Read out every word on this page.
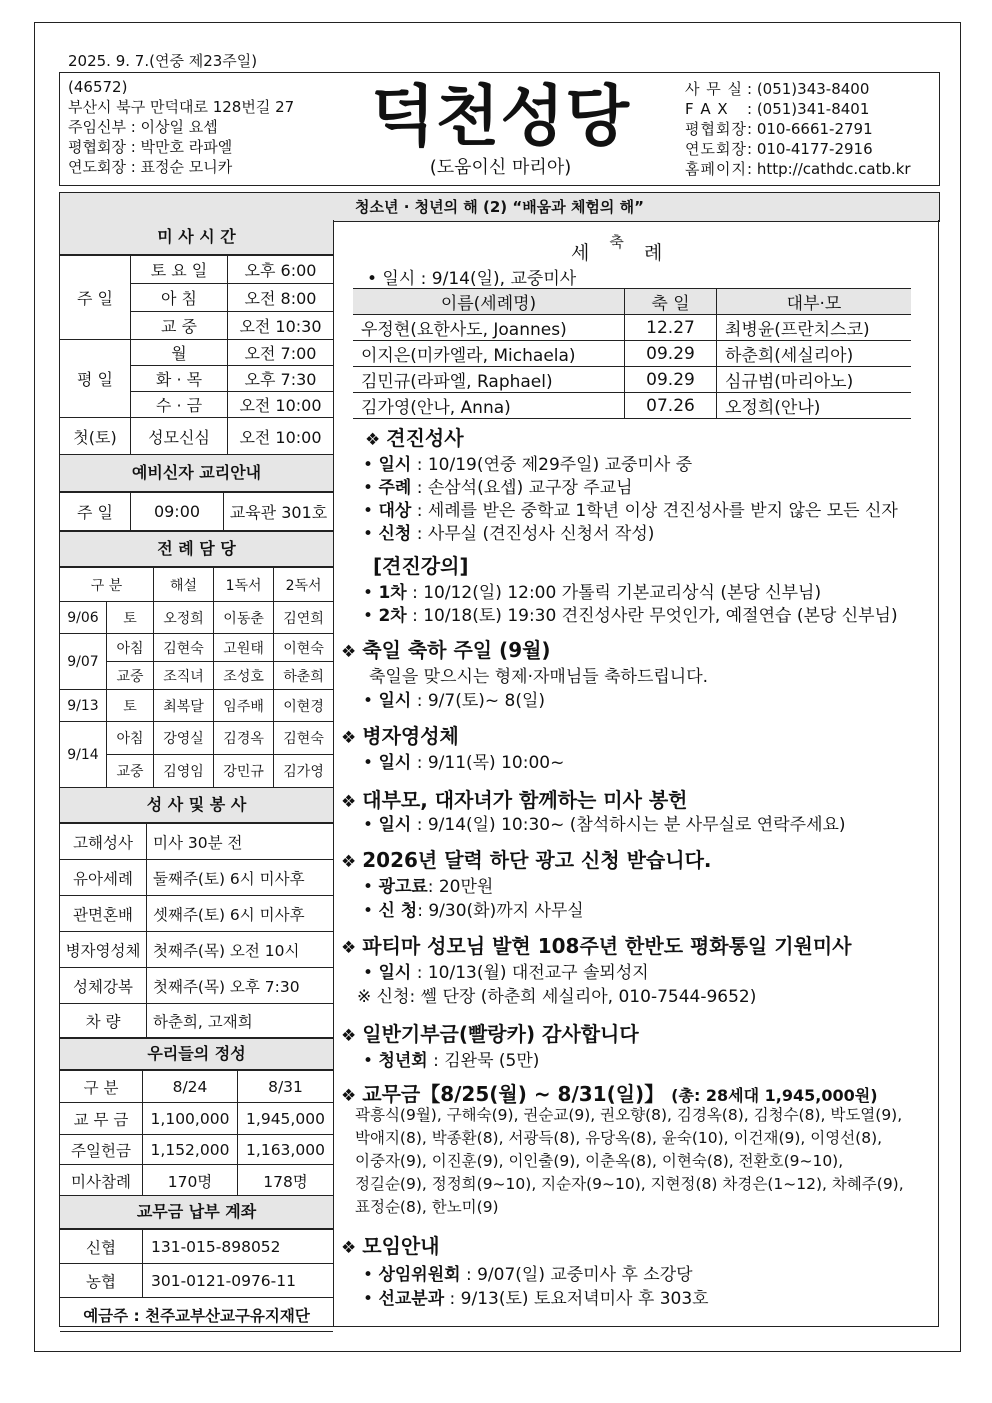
2025. 9. 7.(연중 제23주일)
(46572)
부산시 북구 만덕대로 128번길 27
주임신부 : 이상일 요셉
평협회장 : 박만호 라파엘
연도회장 : 표정순 모니카
덕천성당
(도움이신 마리아)
사 무 실 : (051)343-8400
F A X	: (051)341-8401
평협회장 : 010-6661-2791
연도회장 : 010-4177-2916
홈페이지 : http://cathdc.catb.kr
청소년 · 청년의 해 (2) “배움과 체험의 해”
미 사 시 간
주 일	토 요 일	오후 6:00
	아 침	오전 8:00
	교 중	오전 10:30
평 일	월	오전 7:00
	화 · 목	오후 7:30
	수 · 금	오전 10:00
첫(토)	성모신심	오전 10:00
예비신자 교리안내
주 일	09:00	교육관 301호
전 례 담 당
구 분		해설	1독서	2독서
9/06	토	오정희	이동춘	김연희
9/07	아침	김현숙	고원태	이현숙
	교중	조직녀	조성호	하춘희
9/13	토	최복달	임주배	이현경
9/14	아침	강영실	김경옥	김현숙
	교중	김영임	강민규	김가영
성 사 및 봉 사
고해성사	미사 30분 전
유아세례	둘째주(토) 6시 미사후
관면혼배	셋째주(토) 6시 미사후
병자영성체	첫째주(목) 오전 10시
성체강복	첫째주(목) 오후 7:30
차 량	하춘희, 고재희
우리들의 정성
구 분	8/24	8/31
교 무 금	1,100,000	1,945,000
주일헌금	1,152,000	1,163,000
미사참례	170명	178명
교무금 납부 계좌
신협	131-015-898052
농협	301-0121-0976-11
예금주 : 천주교부산교구유지재단	
세 축 례
• 일시 : 9/14(일), 교중미사
이름(세례명)	축 일	대부·모
우정현(요한사도, Joannes)	12.27	최병윤(프란치스코)
이지은(미카엘라, Michaela)	09.29	하춘희(세실리아)
김민규(라파엘, Raphael)	09.29	심규범(마리아노)
김가영(안나, Anna)	07.26	오정희(안나)
❖ 견진성사
• 일시 : 10/19(연중 제29주일) 교중미사 중
• 주례 : 손삼석(요셉) 교구장 주교님
• 대상 : 세례를 받은 중학교 1학년 이상 견진성사를 받지 않은 모든 신자
• 신청 : 사무실 (견진성사 신청서 작성)
[견진강의]
• 1차 : 10/12(일) 12:00 가톨릭 기본교리상식 (본당 신부님)
• 2차 : 10/18(토) 19:30 견진성사란 무엇인가, 예절연습 (본당 신부님)
❖ 축일 축하 주일 (9월)
축일을 맞으시는 형제·자매님들 축하드립니다.
• 일시 : 9/7(토)~ 8(일)
❖ 병자영성체
• 일시 : 9/11(목) 10:00~
❖ 대부모, 대자녀가 함께하는 미사 봉헌
• 일시 : 9/14(일) 10:30~ (참석하시는 분 사무실로 연락주세요)
❖ 2026년 달력 하단 광고 신청 받습니다.
• 광고료: 20만원
• 신 청: 9/30(화)까지 사무실
❖ 파티마 성모님 발현 108주년 한반도 평화통일 기원미사
• 일시 : 10/13(월) 대전교구 솔뫼성지
※ 신청: 쎌 단장 (하춘희 세실리아, 010-7544-9652)
❖ 일반기부금(빨랑카) 감사합니다
• 청년회 : 김완묵 (5만)
❖ 교무금【8/25(월) ~ 8/31(일)】 (총: 28세대 1,945,000원)
곽흥식(9월), 구해숙(9), 권순교(9), 권오향(8), 김경옥(8), 김청수(8), 박도열(9),
박애지(8), 박종환(8), 서광득(8), 유당옥(8), 윤숙(10), 이건재(9), 이영선(8),
이중자(9), 이진훈(9), 이인출(9), 이춘옥(8), 이현숙(8), 전환호(9~10),
정길순(9), 정정희(9~10), 지순자(9~10), 지현정(8) 차경은(1~12), 차혜주(9),
표정순(8), 한노미(9)
❖ 모임안내
• 상임위원회 : 9/07(일) 교중미사 후 소강당
• 선교분과 : 9/13(토) 토요저녁미사 후 303호
